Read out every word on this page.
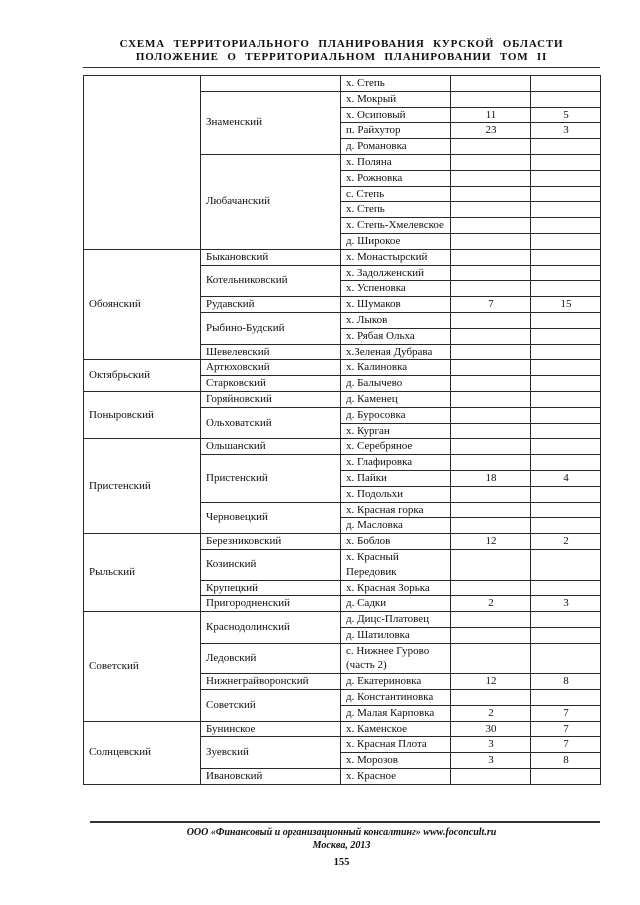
СХЕМА ТЕРРИТОРИАЛЬНОГО ПЛАНИРОВАНИЯ КУРСКОЙ ОБЛАСТИ
ПОЛОЖЕНИЕ О ТЕРРИТОРИАЛЬНОМ ПЛАНИРОВАНИИ ТОМ II
		х. Степь		
	Знаменский	х. Мокрый		
		х. Осиповый	11	5
		п. Райхутор	23	3
		д. Романовка		
	Любачанский	х. Поляна		
		х. Рожновка		
		с. Степь		
		х. Степь		
		х. Степь-Хмелевское		
		д. Широкое		
Обоянский	Быкановский	х. Монастырский		
	Котельниковский	х. Задолженский		
		х. Успеновка		
	Рудавский	х. Шумаков	7	15
	Рыбино-Будский	х. Лыков		
		х. Рябая Ольха		
	Шевелевский	х.Зеленая Дубрава		
Октябрьский	Артюховский	х. Калиновка		
	Старковский	д. Балычево		
Поныровский	Горяйновский	д. Каменец		
	Ольховатский	д. Буросовка		
		х. Курган		
Пристенский	Ольшанский	х. Серебряное		
	Пристенский	х. Глафировка		
		х. Пайки	18	4
		х. Подольхи		
	Черновецкий	х. Красная горка		
		д. Масловка		
Рыльский	Березниковский	х. Боблов	12	2
	Козинский	х. Красный Передовик		
	Крупецкий	х. Красная Зорька		
	Пригородненский	д. Садки	2	3
Советский	Краснодолинский	д. Дицс-Платовец		
		д. Шатиловка		
	Ледовский	с. Нижнее Гурово (часть 2)		
	Нижнеграйворонский	д. Екатериновка	12	8
	Советский	д. Константиновка		
		д. Малая Карповка	2	7
Солнцевский	Бунинское	х. Каменское	30	7
	Зуевский	х. Красная Плота	3	7
		х. Морозов	3	8
	Ивановский	х. Красное		
ООО «Финансовый и организационный консалтинг» www.foconcult.ru
Москва, 2013
155
